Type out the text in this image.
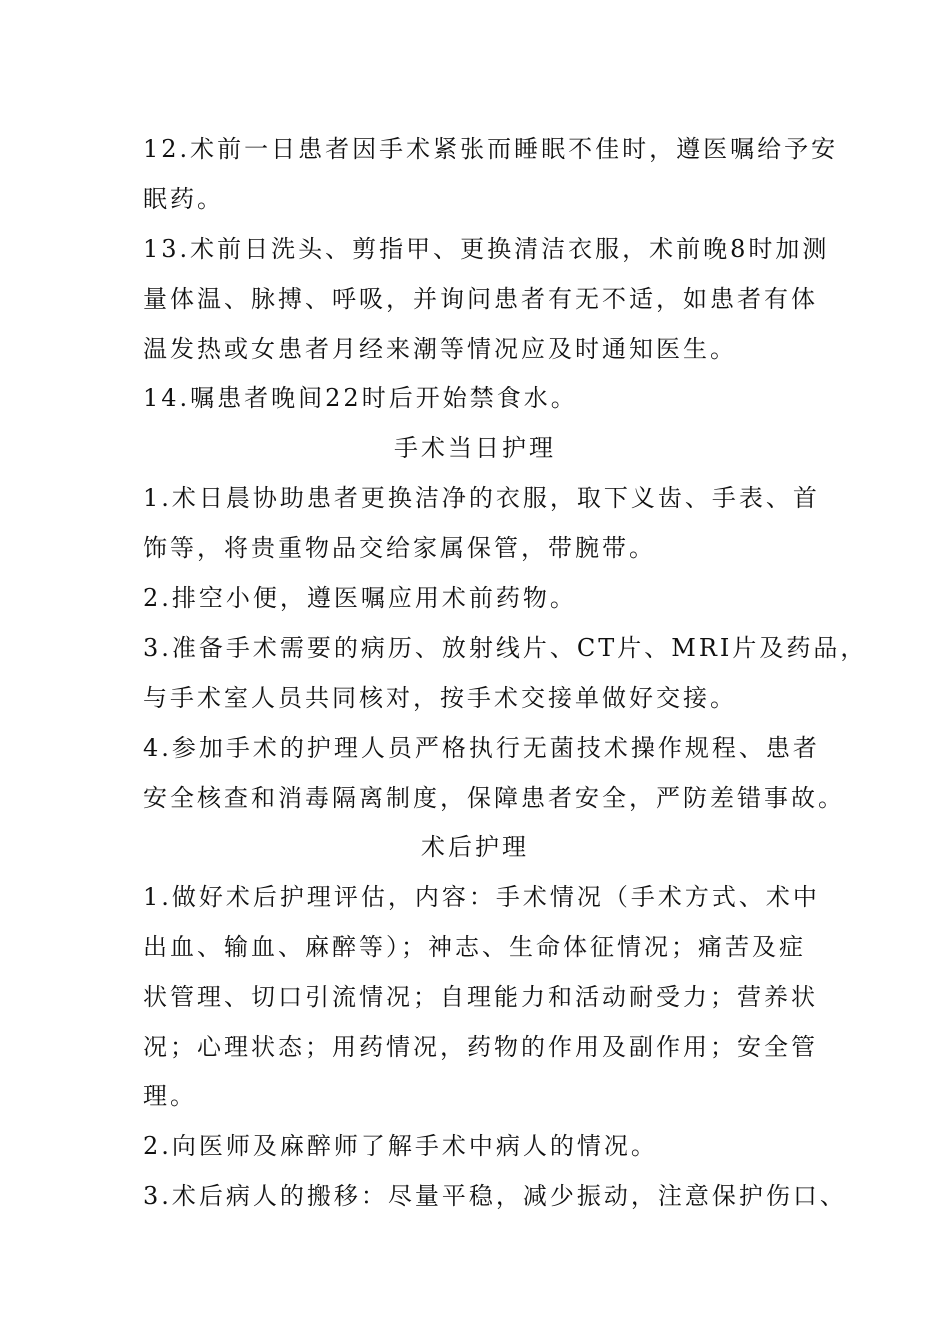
12.术前一日患者因手术紧张而睡眠不佳时，遵医嘱给予安
眠药。
13.术前日洗头、剪指甲、更换清洁衣服，术前晚8时加测
量体温、脉搏、呼吸，并询问患者有无不适，如患者有体
温发热或女患者月经来潮等情况应及时通知医生。
14.嘱患者晚间22时后开始禁食水。
手术当日护理
1.术日晨协助患者更换洁净的衣服，取下义齿、手表、首
饰等，将贵重物品交给家属保管，带腕带。
2.排空小便，遵医嘱应用术前药物。
3.准备手术需要的病历、放射线片、CT片、MRI片及药品，
与手术室人员共同核对，按手术交接单做好交接。
4.参加手术的护理人员严格执行无菌技术操作规程、患者
安全核查和消毒隔离制度，保障患者安全，严防差错事故。
术后护理
1.做好术后护理评估，内容：手术情况（手术方式、术中
出血、输血、麻醉等）；神志、生命体征情况；痛苦及症
状管理、切口引流情况；自理能力和活动耐受力；营养状
况；心理状态；用药情况，药物的作用及副作用；安全管
理。
2.向医师及麻醉师了解手术中病人的情况。
3.术后病人的搬移：尽量平稳，减少振动，注意保护伤口、
